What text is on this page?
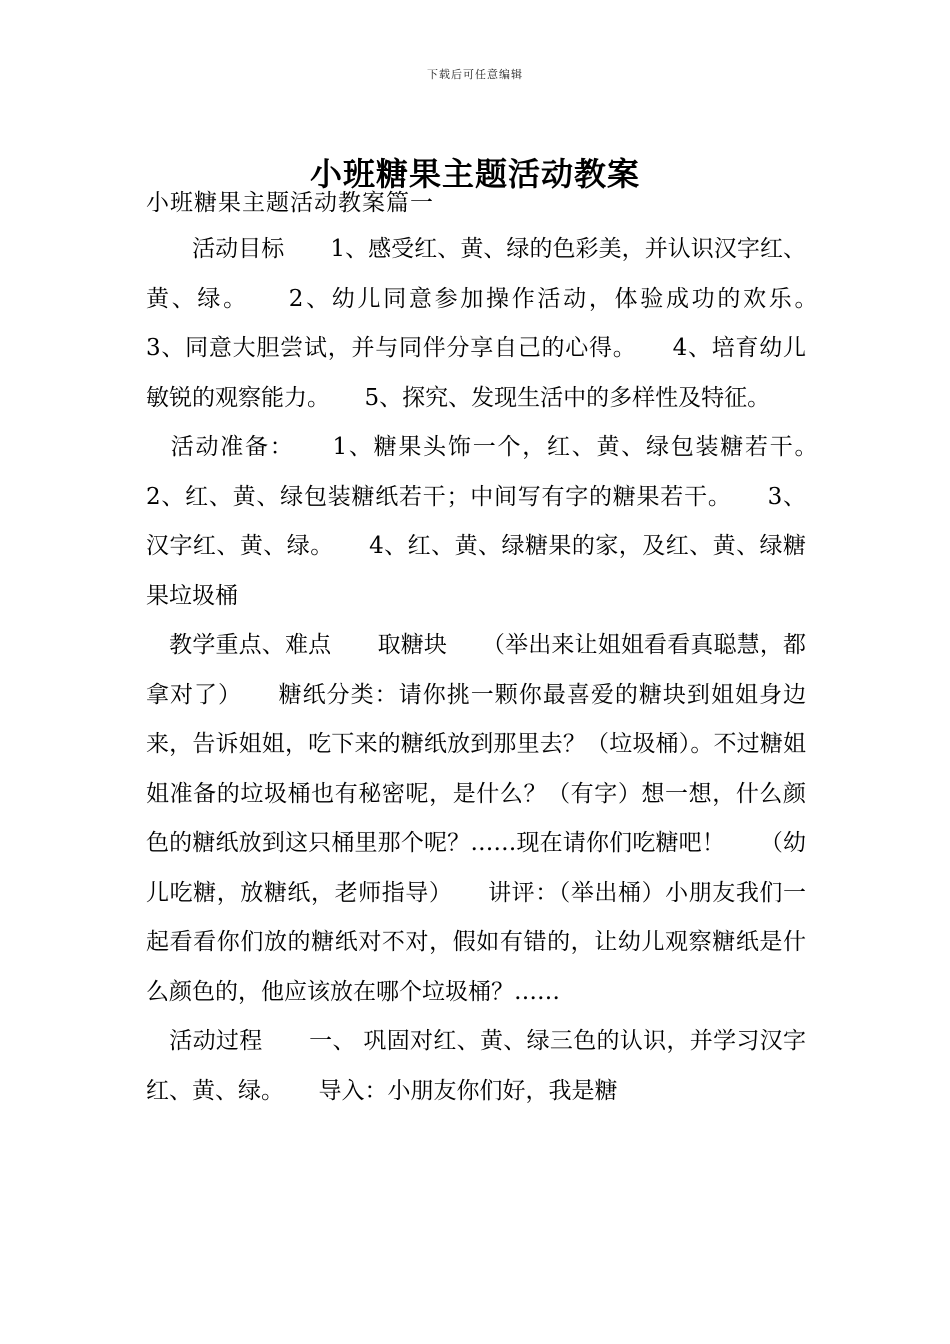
下载后可任意编辑
小班糖果主题活动教案
小班糖果主题活动教案篇一

　　活动目标　　1、感受红、黄、绿的色彩美，并认识汉字红、黄、绿。　　2、幼儿同意参加操作活动，体验成功的欢乐。　　3、同意大胆尝试，并与同伴分享自己的心得。　　4、培育幼儿敏锐的观察能力。　　5、探究、发现生活中的多样性及特征。

　活动准备：　　1、糖果头饰一个，红、黄、绿包装糖若干。　　2、红、黄、绿包装糖纸若干；中间写有字的糖果若干。　　3、汉字红、黄、绿。　　4、红、黄、绿糖果的家，及红、黄、绿糖果垃圾桶

　教学重点、难点　　取糖块　　（举出来让姐姐看看真聪慧，都拿对了）　　糖纸分类：请你挑一颗你最喜爱的糖块到姐姐身边来，告诉姐姐，吃下来的糖纸放到那里去？（垃圾桶）。不过糖姐姐准备的垃圾桶也有秘密呢，是什么？（有字）想一想，什么颜色的糖纸放到这只桶里那个呢？……现在请你们吃糖吧！　　（幼儿吃糖，放糖纸，老师指导）　　讲评：（举出桶）小朋友我们一起看看你们放的糖纸对不对，假如有错的，让幼儿观察糖纸是什么颜色的，他应该放在哪个垃圾桶？……

　活动过程　　一、 巩固对红、黄、绿三色的认识，并学习汉字红、黄、绿。　　导入：小朋友你们好，我是糖
